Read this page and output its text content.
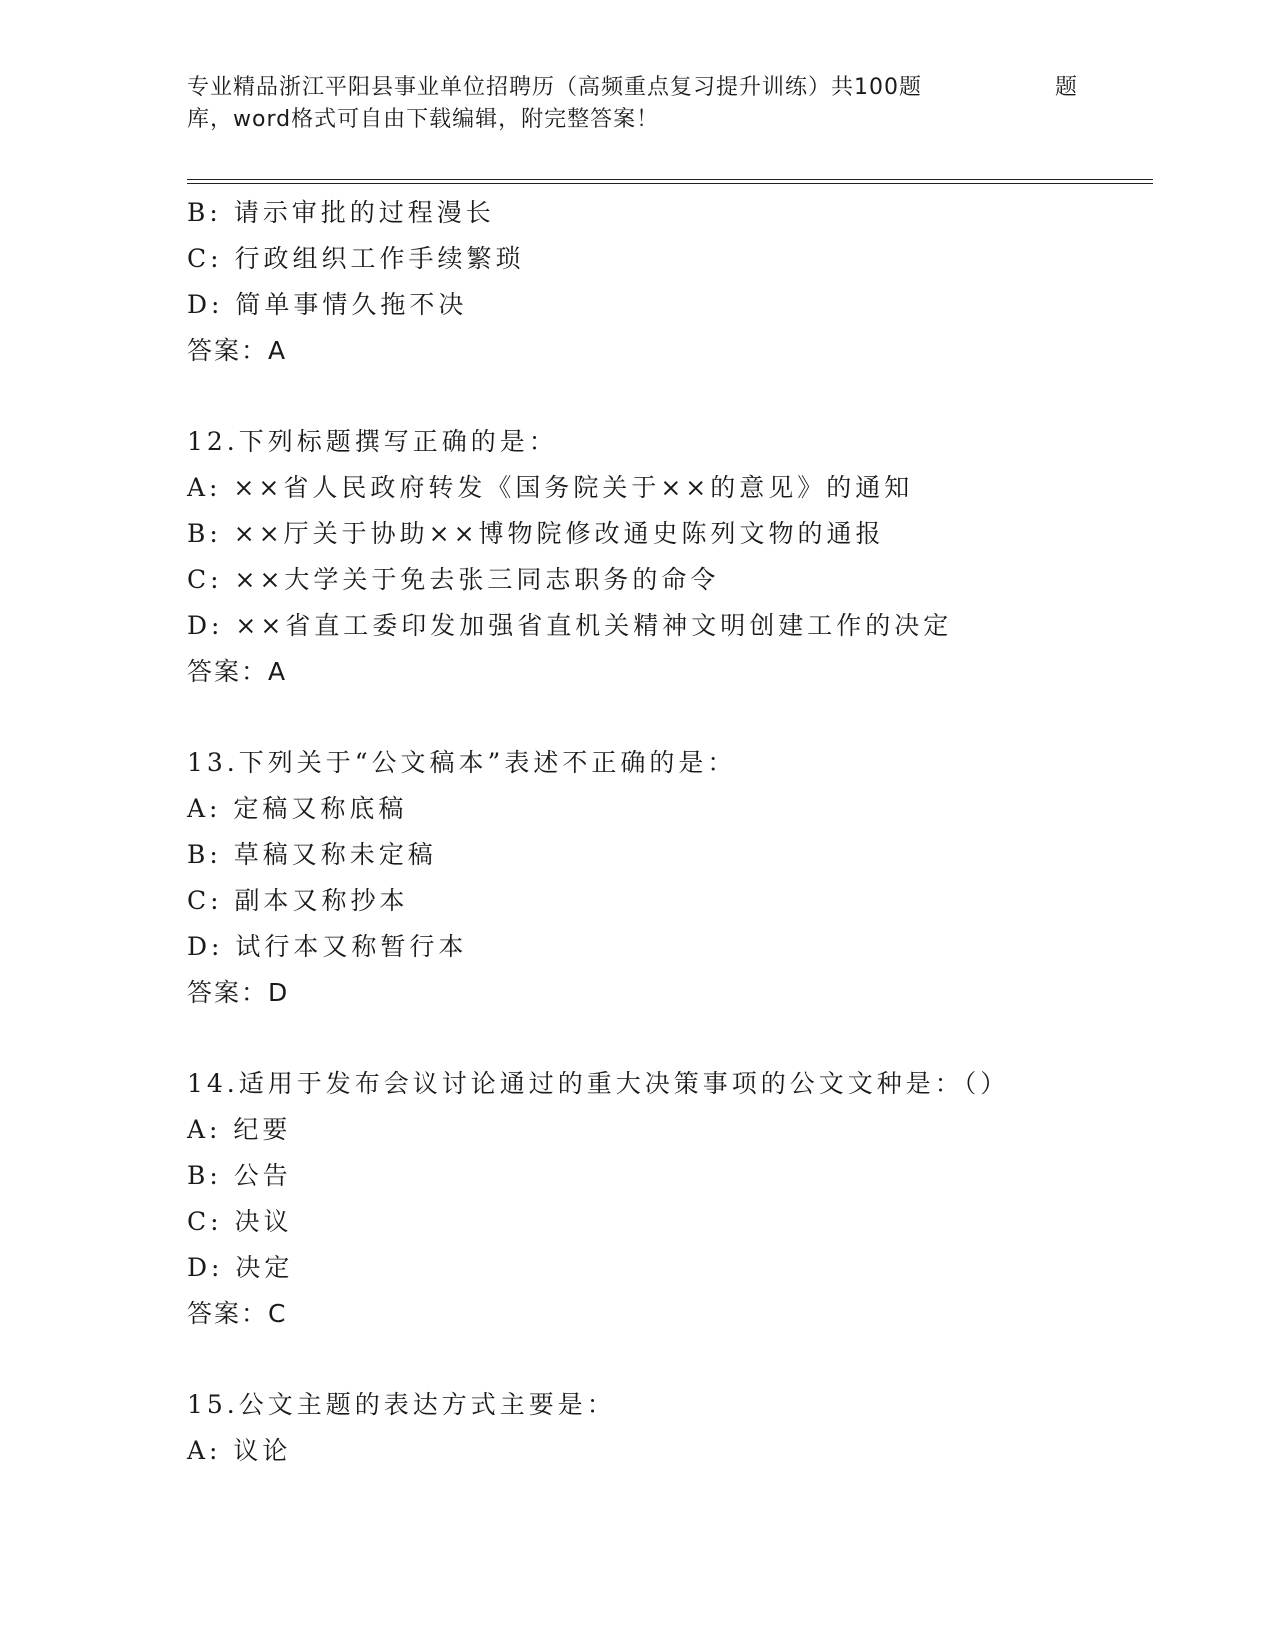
专业精品浙江平阳县事业单位招聘历（高频重点复习提升训练）共100题	题
库，word格式可自由下载编辑，附完整答案！
B: 请示审批的过程漫长
C: 行政组织工作手续繁琐
D: 简单事情久拖不决
答案：A
12.下列标题撰写正确的是：
A: ××省人民政府转发《国务院关于××的意见》的通知
B: ××厅关于协助××博物院修改通史陈列文物的通报
C: ××大学关于免去张三同志职务的命令
D: ××省直工委印发加强省直机关精神文明创建工作的决定
答案：A
13.下列关于“公文稿本”表述不正确的是：
A: 定稿又称底稿
B: 草稿又称未定稿
C: 副本又称抄本
D: 试行本又称暂行本
答案：D
14.适用于发布会议讨论通过的重大决策事项的公文文种是：（）
A: 纪要
B: 公告
C: 决议
D: 决定
答案：C
15.公文主题的表达方式主要是：
A: 议论
